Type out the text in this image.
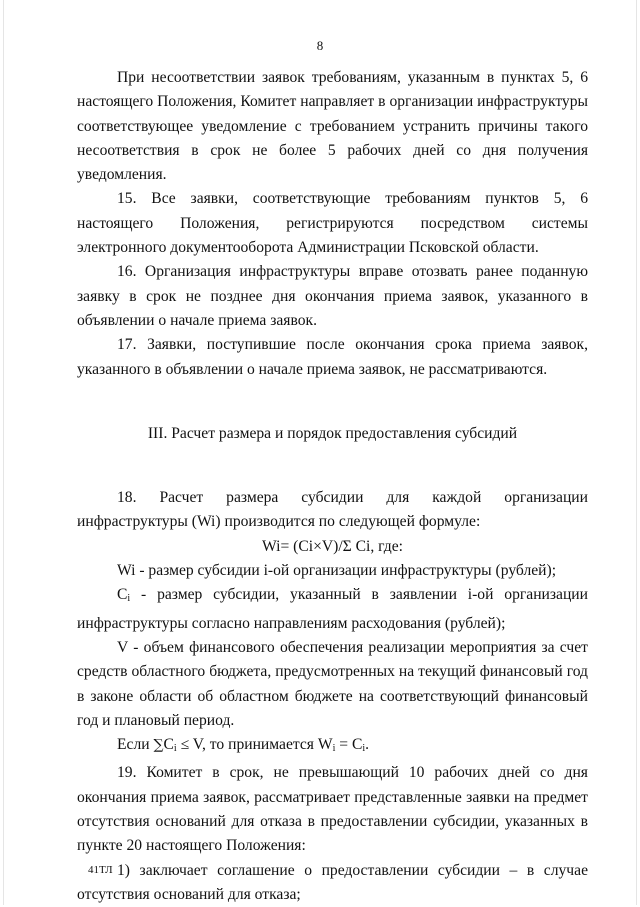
8

При несоответствии заявок требованиям, указанным в пунктах 5, 6 настоящего Положения, Комитет направляет в организации инфраструктуры соответствующее уведомление с требованием устранить причины такого несоответствия в срок не более 5 рабочих дней со дня получения уведомления.

15. Все заявки, соответствующие требованиям пунктов 5, 6 настоящего Положения, регистрируются посредством системы электронного документооборота Администрации Псковской области.

16. Организация инфраструктуры вправе отозвать ранее поданную заявку в срок не позднее дня окончания приема заявок, указанного в объявлении о начале приема заявок.

17. Заявки, поступившие после окончания срока приема заявок, указанного в объявлении о начале приема заявок, не рассматриваются.

III. Расчет размера и порядок предоставления субсидий

18. Расчет размера субсидии для каждой организации инфраструктуры (Wi) производится по следующей формуле:

Wi= (Ci×V)/Σ Ci, где:

Wi - размер субсидии i-ой организации инфраструктуры (рублей);

$C_i$ - размер субсидии, указанный в заявлении i-ой организации инфраструктуры согласно направлениям расходования (рублей);

V - объем финансового обеспечения реализации мероприятия за счет средств областного бюджета, предусмотренных на текущий финансовый год в законе области об областном бюджете на соответствующий финансовый год и плановый период.

Если $\sum C_i \le V$, то принимается $W_i = C_i$.

19. Комитет в срок, не превышающий 10 рабочих дней со дня окончания приема заявок, рассматривает представленные заявки на предмет отсутствия оснований для отказа в предоставлении субсидии, указанных в пункте 20 настоящего Положения:

1) заключает соглашение о предоставлении субсидии – в случае отсутствия оснований для отказа;

41ТЛ
